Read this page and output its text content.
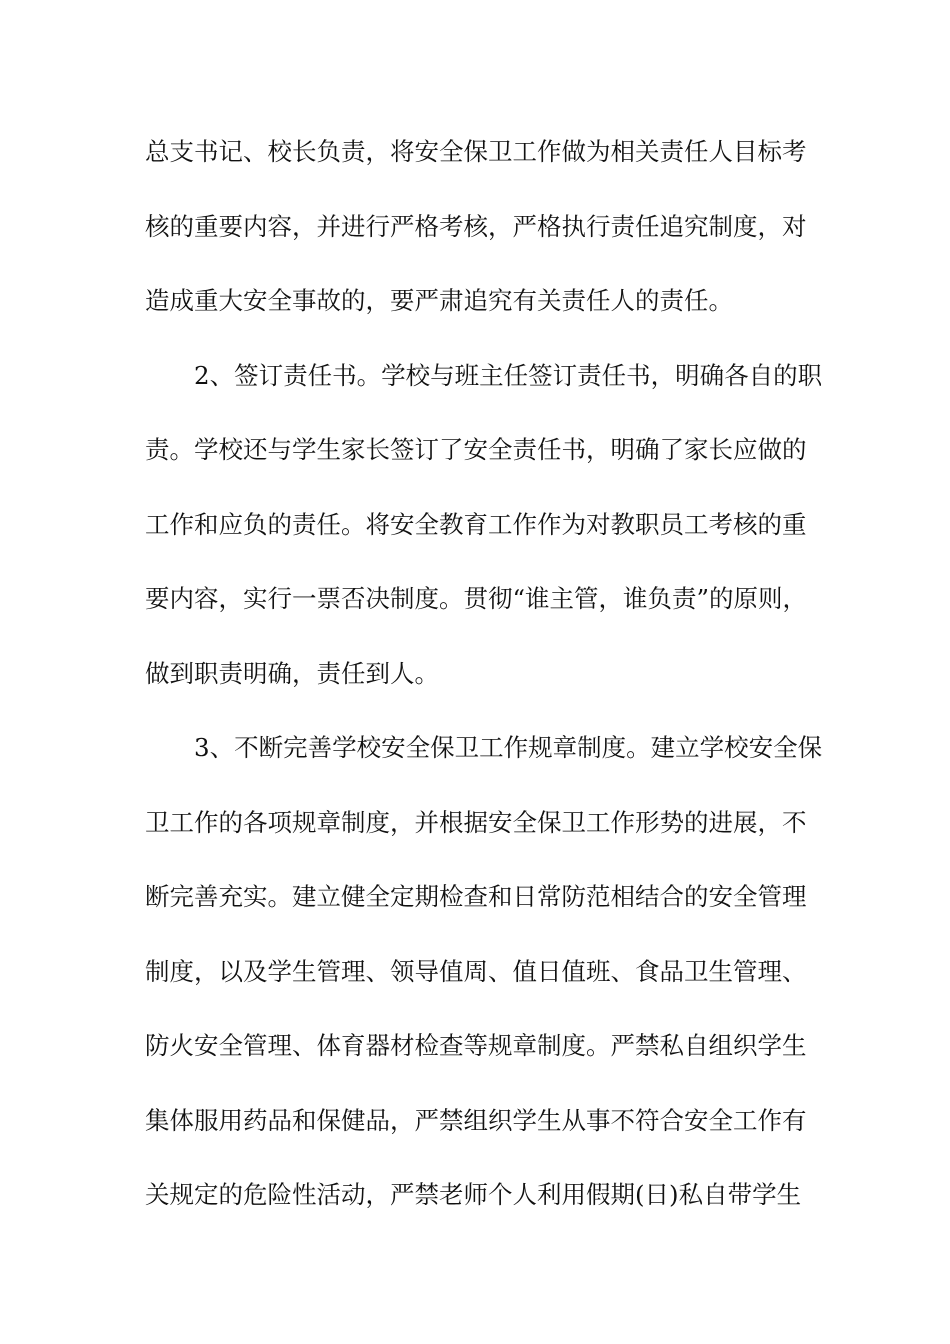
总支书记、校长负责，将安全保卫工作做为相关责任人目标考
核的重要内容，并进行严格考核，严格执行责任追究制度，对
造成重大安全事故的，要严肃追究有关责任人的责任。
　　2、签订责任书。学校与班主任签订责任书，明确各自的职
责。学校还与学生家长签订了安全责任书，明确了家长应做的
工作和应负的责任。将安全教育工作作为对教职员工考核的重
要内容，实行一票否决制度。贯彻“谁主管，谁负责”的原则，
做到职责明确，责任到人。
　　3、不断完善学校安全保卫工作规章制度。建立学校安全保
卫工作的各项规章制度，并根据安全保卫工作形势的进展，不
断完善充实。建立健全定期检查和日常防范相结合的安全管理
制度，以及学生管理、领导值周、值日值班、食品卫生管理、
防火安全管理、体育器材检查等规章制度。严禁私自组织学生
集体服用药品和保健品，严禁组织学生从事不符合安全工作有
关规定的危险性活动，严禁老师个人利用假期(日)私自带学生
